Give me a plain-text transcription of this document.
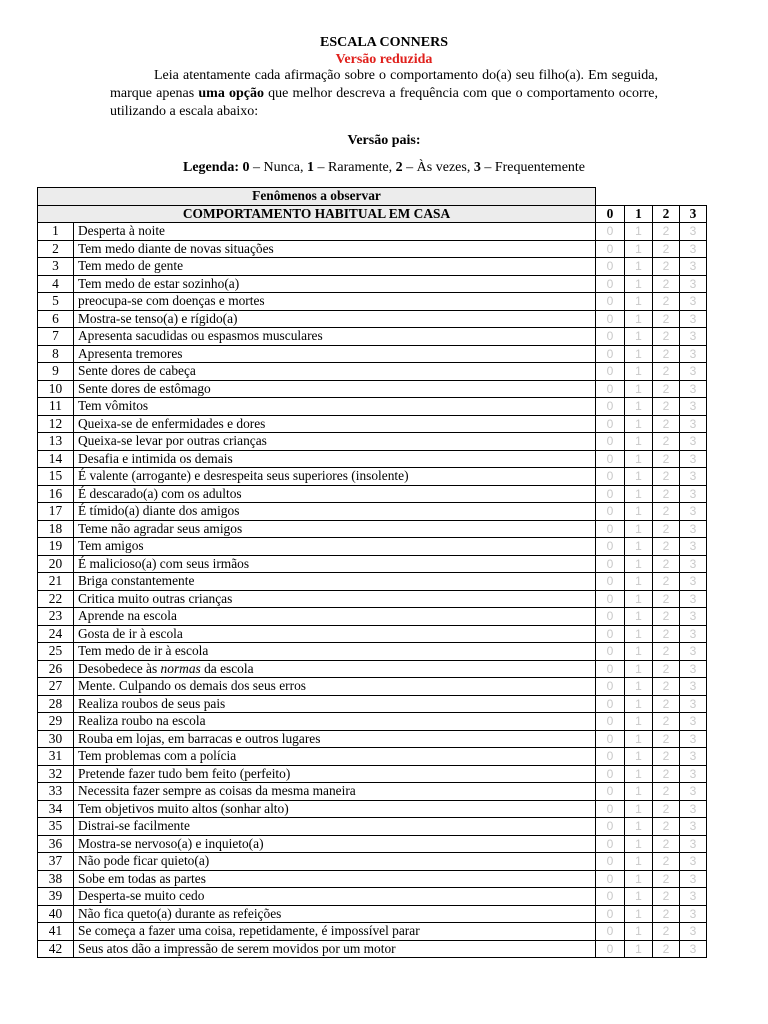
ESCALA CONNERS
Versão reduzida
Leia atentamente cada afirmação sobre o comportamento do(a) seu filho(a). Em seguida, marque apenas uma opção que melhor descreva a frequência com que o comportamento ocorre, utilizando a escala abaixo:
Versão pais:
Legenda: 0 – Nunca, 1 – Raramente, 2 – Às vezes, 3 – Frequentemente
Fenômenos a observar					
COMPORTAMENTO HABITUAL EM CASA		0	1	2	3
1	Desperta à noite	0	1	2	3
2	Tem medo diante de novas situações	0	1	2	3
3	Tem medo de gente	0	1	2	3
4	Tem medo de estar sozinho(a)	0	1	2	3
5	preocupa-se com doenças e mortes	0	1	2	3
6	Mostra-se tenso(a) e rígido(a)	0	1	2	3
7	Apresenta sacudidas ou espasmos musculares	0	1	2	3
8	Apresenta tremores	0	1	2	3
9	Sente dores de cabeça	0	1	2	3
10	Sente dores de estômago	0	1	2	3
11	Tem vômitos	0	1	2	3
12	Queixa-se de enfermidades e dores	0	1	2	3
13	Queixa-se levar por outras crianças	0	1	2	3
14	Desafia e intimida os demais	0	1	2	3
15	É valente (arrogante) e desrespeita seus superiores (insolente)	0	1	2	3
16	É descarado(a) com os adultos	0	1	2	3
17	É tímido(a) diante dos amigos	0	1	2	3
18	Teme não agradar seus amigos	0	1	2	3
19	Tem amigos	0	1	2	3
20	É malicioso(a) com seus irmãos	0	1	2	3
21	Briga constantemente	0	1	2	3
22	Critica muito outras crianças	0	1	2	3
23	Aprende na escola	0	1	2	3
24	Gosta de ir à escola	0	1	2	3
25	Tem medo de ir à escola	0	1	2	3
26	Desobedece às normas da escola	0	1	2	3
27	Mente. Culpando os demais dos seus erros	0	1	2	3
28	Realiza roubos de seus pais	0	1	2	3
29	Realiza roubo na escola	0	1	2	3
30	Rouba em lojas, em barracas e outros lugares	0	1	2	3
31	Tem problemas com a polícia	0	1	2	3
32	Pretende fazer tudo bem feito (perfeito)	0	1	2	3
33	Necessita fazer sempre as coisas da mesma maneira	0	1	2	3
34	Tem objetivos muito altos (sonhar alto)	0	1	2	3
35	Distrai-se facilmente	0	1	2	3
36	Mostra-se nervoso(a) e inquieto(a)	0	1	2	3
37	Não pode ficar quieto(a)	0	1	2	3
38	Sobe em todas as partes	0	1	2	3
39	Desperta-se muito cedo	0	1	2	3
40	Não fica queto(a) durante as refeições	0	1	2	3
41	Se começa a fazer uma coisa, repetidamente, é impossível parar	0	1	2	3
42	Seus atos dão a impressão de serem movidos por um motor	0	1	2	3
